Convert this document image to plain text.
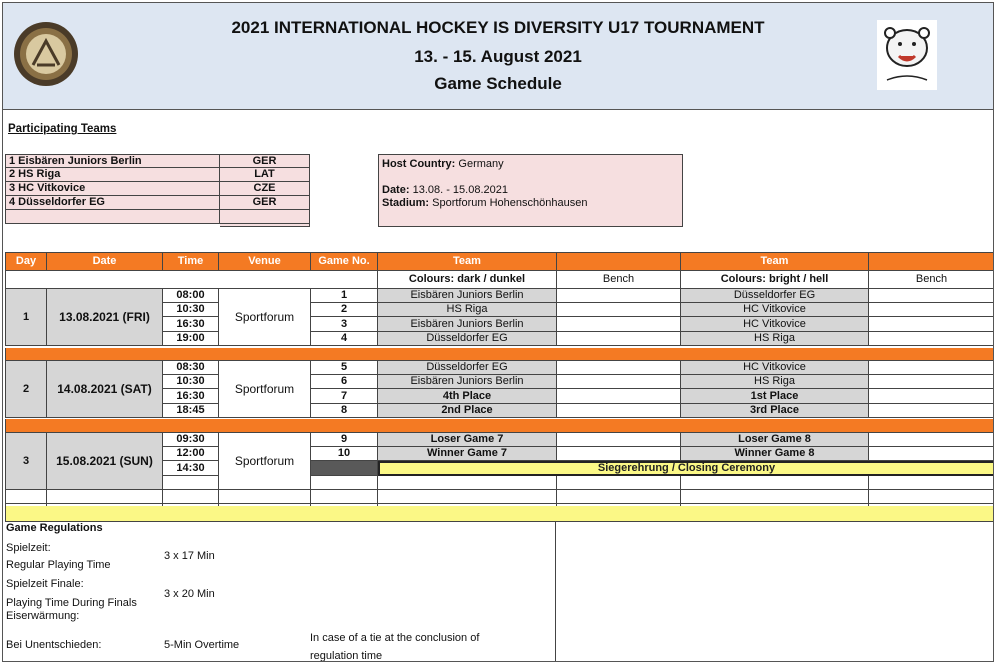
2021 INTERNATIONAL HOCKEY IS DIVERSITY U17 TOURNAMENT
13. - 15. August 2021
Game Schedule
Participating Teams
1 Eisbären Juniors Berlin	GER
2 HS Riga	LAT
3 HC Vitkovice	CZE
4 Düsseldorfer EG	GER
Host Country: Germany
Date: 13.08. - 15.08.2021
Stadium: Sportforum Hohenschönhausen
Day	Date	Time	Venue	Game No.	Team	Team
Colours: dark / dunkel	Bench	Colours: bright / hell	Bench
1	13.08.2021 (FRI)	Sportforum
08:00	1	Eisbären Juniors Berlin	Düsseldorfer EG
10:30	2	HS Riga	HC Vitkovice
16:30	3	Eisbären Juniors Berlin	HC Vitkovice
19:00	4	Düsseldorfer EG	HS Riga
2	14.08.2021 (SAT)	Sportforum
08:30	5	Düsseldorfer EG	HC Vitkovice
10:30	6	Eisbären Juniors Berlin	HS Riga
16:30	7	4th Place	1st Place
18:45	8	2nd Place	3rd Place
3	15.08.2021 (SUN)	Sportforum
09:30	9	Loser Game 7	Loser Game 8
12:00	10	Winner Game 7	Winner Game 8
14:30	Siegerehrung / Closing Ceremony
Game Regulations
Spielzeit:
Regular Playing Time
3 x 17 Min
Spielzeit Finale:
Playing Time During Finals
3 x 20 Min
Eiserwärmung:
Bei Unentschieden:	5-Min Overtime
In case of a tie at the conclusion of
regulation time
